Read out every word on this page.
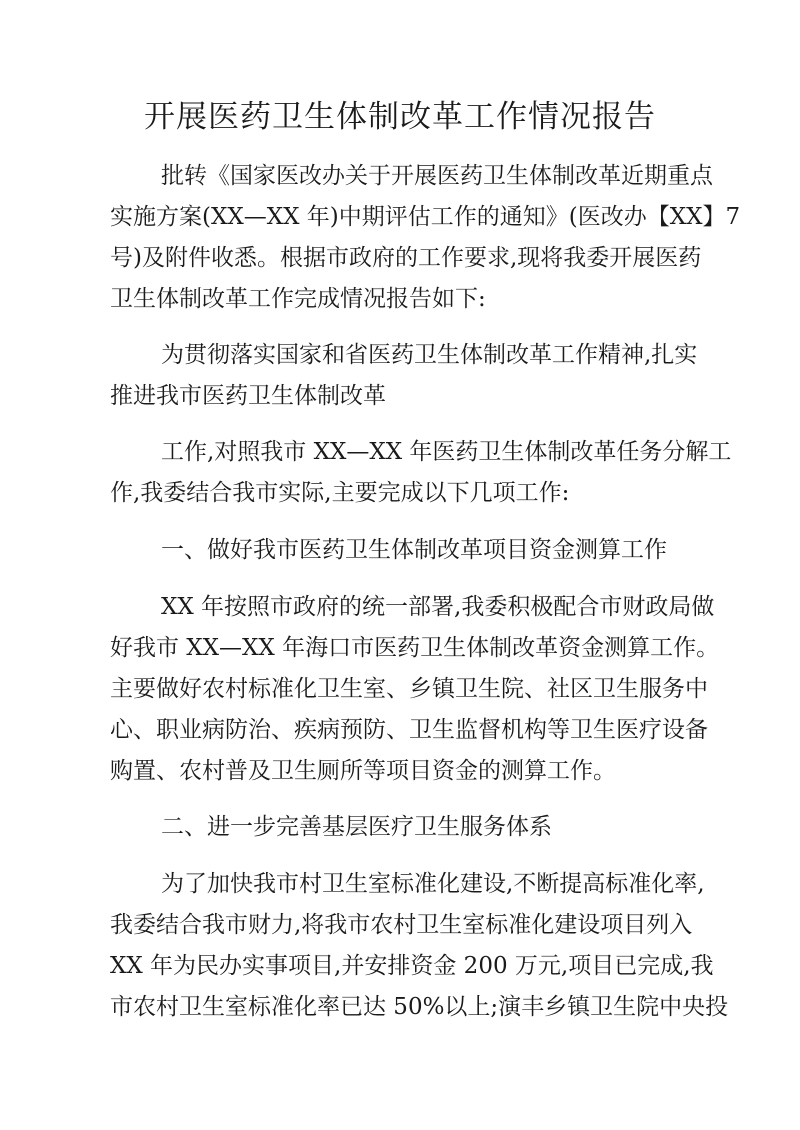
开展医药卫生体制改革工作情况报告

批转《国家医改办关于开展医药卫生体制改革近期重点
实施方案(XX—XX 年)中期评估工作的通知》(医改办【XX】7
号)及附件收悉。根据市政府的工作要求,现将我委开展医药
卫生体制改革工作完成情况报告如下:

为贯彻落实国家和省医药卫生体制改革工作精神,扎实
推进我市医药卫生体制改革

工作,对照我市 XX—XX 年医药卫生体制改革任务分解工
作,我委结合我市实际,主要完成以下几项工作:

一、做好我市医药卫生体制改革项目资金测算工作

XX 年按照市政府的统一部署,我委积极配合市财政局做
好我市 XX—XX 年海口市医药卫生体制改革资金测算工作。
主要做好农村标准化卫生室、乡镇卫生院、社区卫生服务中
心、职业病防治、疾病预防、卫生监督机构等卫生医疗设备
购置、农村普及卫生厕所等项目资金的测算工作。

二、进一步完善基层医疗卫生服务体系

为了加快我市村卫生室标准化建设,不断提高标准化率,
我委结合我市财力,将我市农村卫生室标准化建设项目列入
XX 年为民办实事项目,并安排资金 200 万元,项目已完成,我
市农村卫生室标准化率已达 50%以上;演丰乡镇卫生院中央投
